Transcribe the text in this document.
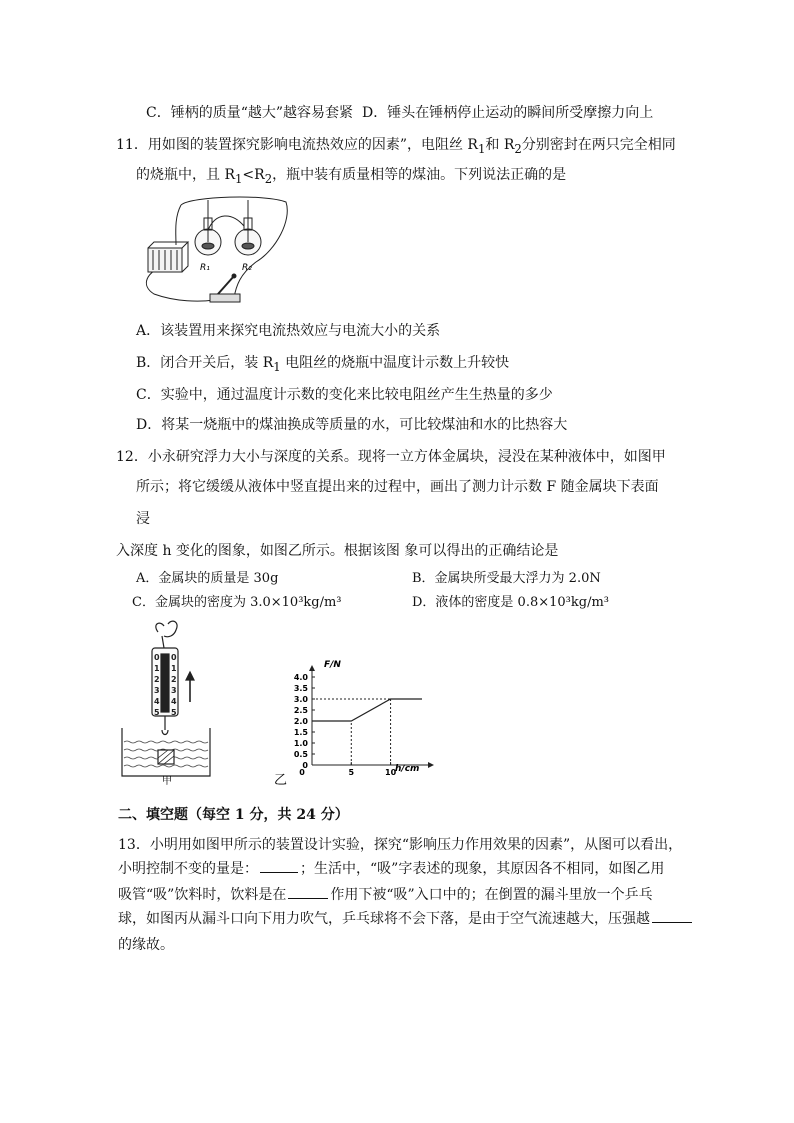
C．锤柄的质量“越大”越容易套紧 D．锤头在锤柄停止运动的瞬间所受摩擦力向上
11．用如图的装置探究影响电流热效应的因素”，电阻丝 $R_1$和 $R_2$分别密封在两只完全相同
的烧瓶中，且 $R_1<R_2$，瓶中装有质量相等的煤油。下列说法正确的是
R₁	R₂
A．该装置用来探究电流热效应与电流大小的关系
B．闭合开关后，装 $R_1$ 电阻丝的烧瓶中温度计示数上升较快
C．实验中，通过温度计示数的变化来比较电阻丝产生生热量的多少
D．将某一烧瓶中的煤油换成等质量的水，可比较煤油和水的比热容大
12．小永研究浮力大小与深度的关系。现将一立方体金属块，浸没在某种液体中，如图甲
所示；将它缓缓从液体中竖直提出来的过程中，画出了测力计示数 F 随金属块下表面
浸
入深度 h 变化的图象，如图乙所示。根据该图 象可以得出的正确结论是
A．金属块的质量是 30g	B．金属块所受最大浮力为 2.0N
C．金属块的密度为 3.0×10³kg/m³	D．液体的密度是 0.8×10³kg/m³
0
1
2
3
4
5
0
1
2
3
4
5
甲
0
0.5
1.0
1.5
2.0
2.5
3.0
3.5
4.0
0	5	10
F/N
h/cm
乙
二、填空题（每空 1 分，共 24 分）
13．小明用如图甲所示的装置设计实验，探究“影响压力作用效果的因素”，从图可以看出，
小明控制不变的量是：	；生活中，“吸”字表述的现象，其原因各不相同，如图乙用
吸管“吸”饮料时，饮料是在	作用下被“吸”入口中的；在倒置的漏斗里放一个乒乓
球，如图丙从漏斗口向下用力吹气，乒乓球将不会下落，是由于空气流速越大，压强越
的缘故。
